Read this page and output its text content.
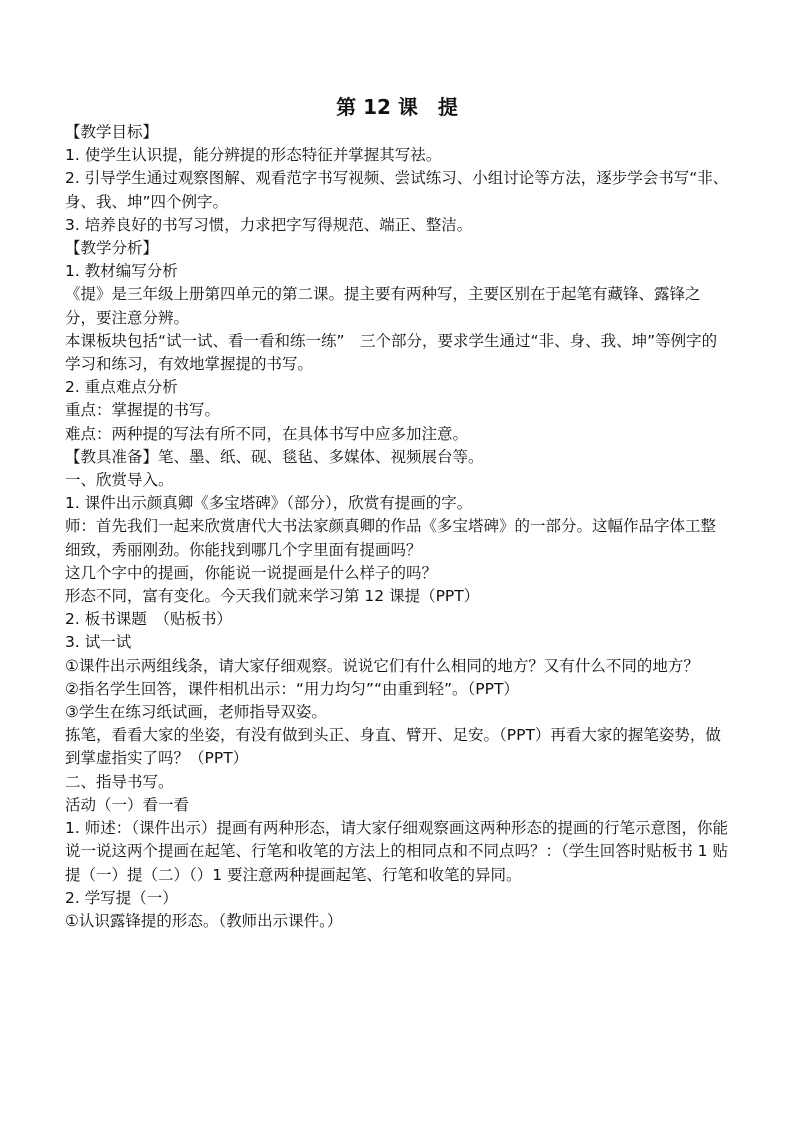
第 12 课　提

【教学目标】

1. 使学生认识提，能分辨提的形态特征并掌握其写祛。

2. 引导学生通过观察图解、观看范字书写视频、尝试练习、小组讨论等方法，逐步学会书写“非、身、我、坤”四个例字。

3. 培养良好的书写习惯，力求把字写得规范、端正、整洁。

【教学分析】

1. 教材编写分析

《提》是三年级上册第四单元的第二课。提主要有两种写，主要区别在于起笔有藏锋、露锋之分，要注意分辨。

本课板块包括“试一试、看一看和练一练”　三个部分，要求学生通过“非、身、我、坤”等例字的学习和练习，有效地掌握提的书写。

2. 重点难点分析

重点：掌握提的书写。

难点：两种提的写法有所不同，在具体书写中应多加注意。

【教具准备】笔、墨、纸、砚、毯毡、多媒体、视频展台等。

一、欣赏导入。

1. 课件出示颜真卿《多宝塔碑》（部分），欣赏有提画的字。

师：首先我们一起来欣赏唐代大书法家颜真卿的作品《多宝塔碑》的一部分。这幅作品字体工整细致，秀丽刚劲。你能找到哪几个字里面有提画吗？

这几个字中的提画，你能说一说提画是什么样子的吗？

形态不同，富有变化。今天我们就来学习第 12 课提（PPT）

2. 板书课题　（贴板书）

3. 试一试

①课件出示两组线条，请大家仔细观察。说说它们有什么相同的地方？又有什么不同的地方？

②指名学生回答，课件相机出示：“用力均匀”“由重到轻”。（PPT）

③学生在练习纸试画，老师指导双姿。

拣笔，看看大家的坐姿，有没有做到头正、身直、臂开、足安。（PPT）再看大家的握笔姿势，做到掌虚指实了吗？（PPT）

二、指导书写。

活动（一）看一看

1. 师述：（课件出示）提画有两种形态，请大家仔细观察画这两种形态的提画的行笔示意图，你能说一说这两个提画在起笔、行笔和收笔的方法上的相同点和不同点吗？：（学生回答时贴板书 1 贴提（一）提（二）（）1 要注意两种提画起笔、行笔和收笔的异同。

2. 学写提（一）

①认识露锋提的形态。（教师出示课件。）
